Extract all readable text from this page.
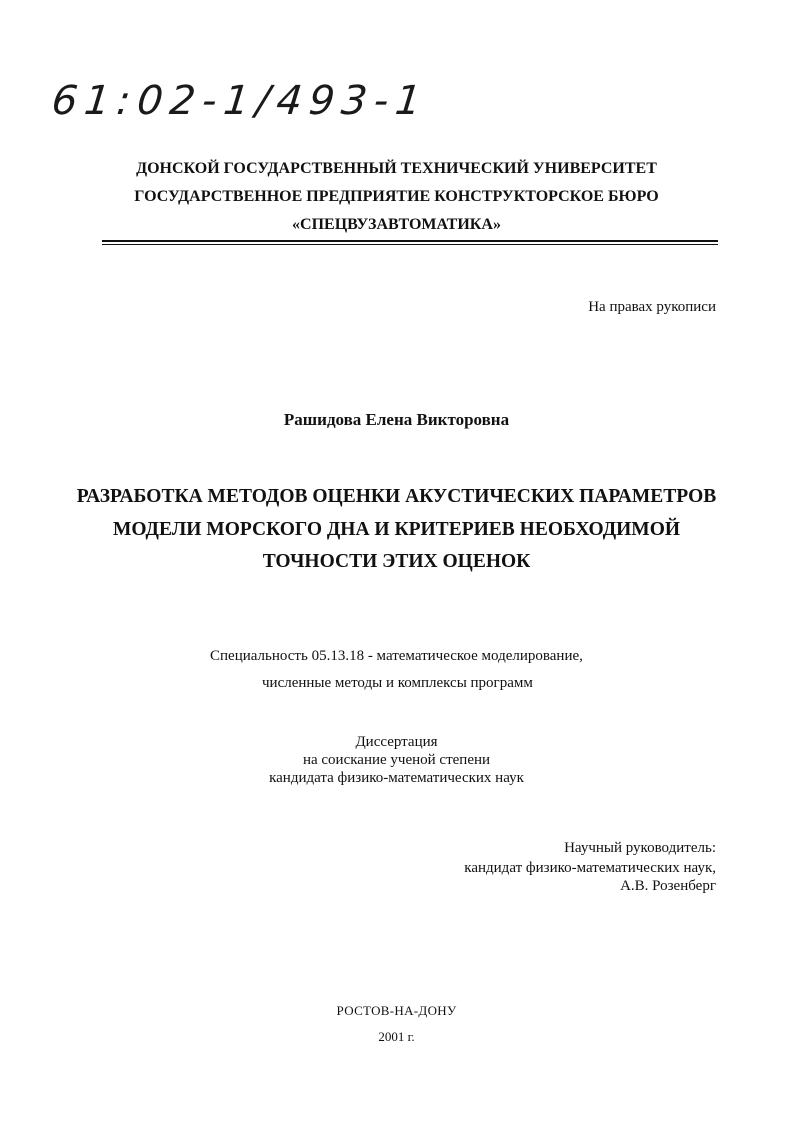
61:02-1/493-1
ДОНСКОЙ ГОСУДАРСТВЕННЫЙ ТЕХНИЧЕСКИЙ УНИВЕРСИТЕТ
ГОСУДАРСТВЕННОЕ ПРЕДПРИЯТИЕ КОНСТРУКТОРСКОЕ БЮРО
«СПЕЦВУЗАВТОМАТИКА»
На правах рукописи
Рашидова Елена Викторовна
РАЗРАБОТКА МЕТОДОВ ОЦЕНКИ АКУСТИЧЕСКИХ ПАРАМЕТРОВ
МОДЕЛИ МОРСКОГО ДНА И КРИТЕРИЕВ НЕОБХОДИМОЙ
ТОЧНОСТИ ЭТИХ ОЦЕНОК
Специальность 05.13.18 - математическое моделирование,
численные методы и комплексы программ
Диссертация
на соискание ученой степени
кандидата физико-математических наук
Научный руководитель:
кандидат физико-математических наук,
А.В. Розенберг
РОСТОВ-НА-ДОНУ
2001 г.
